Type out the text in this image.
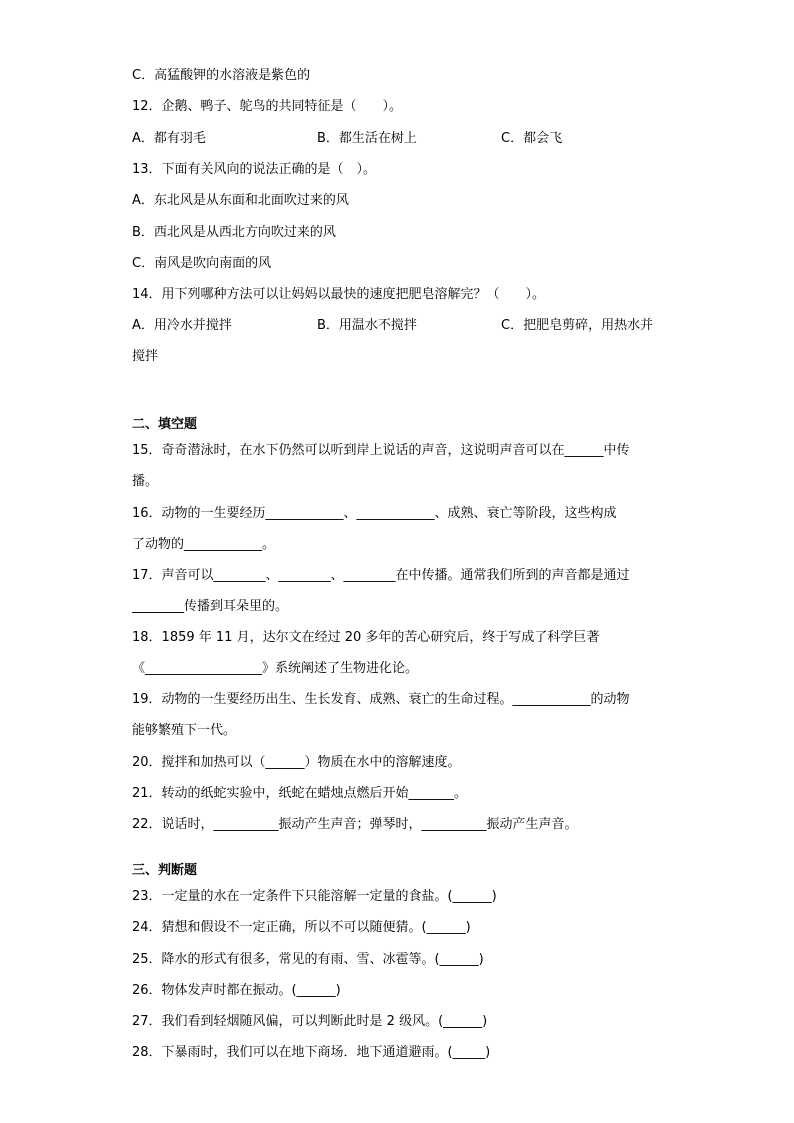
C．高猛酸钾的水溶液是紫色的
12．企鹅、鸭子、鸵鸟的共同特征是（　　）。
A．都有羽毛	B．都生活在树上	C．都会飞
13．下面有关风向的说法正确的是（　）。
A．东北风是从东面和北面吹过来的风
B．西北风是从西北方向吹过来的风
C．南风是吹向南面的风
14．用下列哪种方法可以让妈妈以最快的速度把肥皂溶解完？（　　）。
A．用冷水并搅拌	B．用温水不搅拌	C．把肥皂剪碎，用热水并
搅拌
二、填空题
15．奇奇潜泳时，在水下仍然可以听到岸上说话的声音，这说明声音可以在______中传
播。
16．动物的一生要经历____________、____________、成熟、衰亡等阶段，这些构成
了动物的____________。
17．声音可以________、________、________在中传播。通常我们所到的声音都是通过
________传播到耳朵里的。
18．1859 年 11 月，达尔文在经过 20 多年的苦心研究后，终于写成了科学巨著
《__________________》系统阐述了生物进化论。
19．动物的一生要经历出生、生长发育、成熟、衰亡的生命过程。____________的动物
能够繁殖下一代。
20．搅拌和加热可以（______）物质在水中的溶解速度。
21．转动的纸蛇实验中，纸蛇在蜡烛点燃后开始_______。
22．说话时，__________振动产生声音；弹琴时，__________振动产生声音。
三、判断题
23．一定量的水在一定条件下只能溶解一定量的食盐。(______)
24．猜想和假设不一定正确，所以不可以随便猜。(______)
25．降水的形式有很多，常见的有雨、雪、冰雹等。(______)
26．物体发声时都在振动。(______)
27．我们看到轻烟随风偏，可以判断此时是 2 级风。(______)
28．下暴雨时，我们可以在地下商场．地下通道避雨。(_____)
